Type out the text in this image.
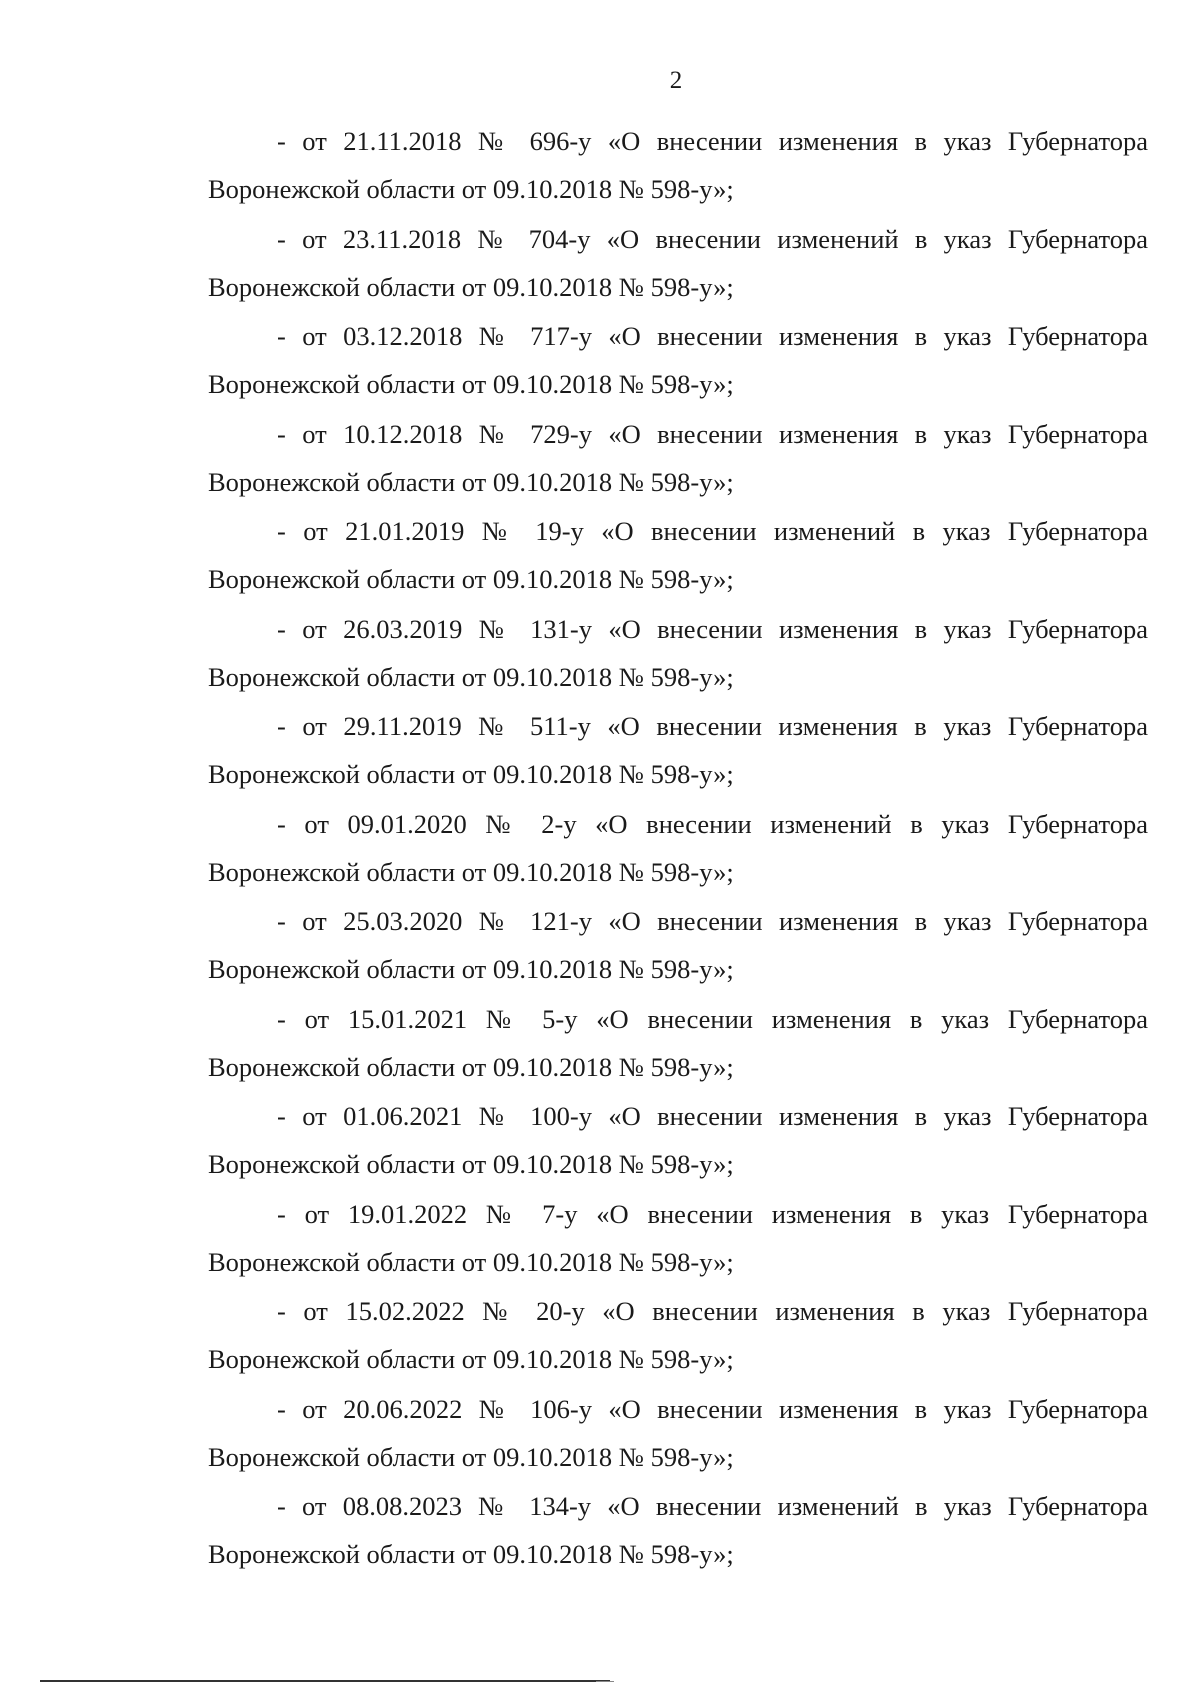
2
- от 21.11.2018 № 696-у «О внесении изменения в указ Губернатора
Воронежской области от 09.10.2018 № 598-у»;
- от 23.11.2018 № 704-у «О внесении изменений в указ Губернатора
Воронежской области от 09.10.2018 № 598-у»;
- от 03.12.2018 № 717-у «О внесении изменения в указ Губернатора
Воронежской области от 09.10.2018 № 598-у»;
- от 10.12.2018 № 729-у «О внесении изменения в указ Губернатора
Воронежской области от 09.10.2018 № 598-у»;
- от 21.01.2019 № 19-у «О внесении изменений в указ Губернатора
Воронежской области от 09.10.2018 № 598-у»;
- от 26.03.2019 № 131-у «О внесении изменения в указ Губернатора
Воронежской области от 09.10.2018 № 598-у»;
- от 29.11.2019 № 511-у «О внесении изменения в указ Губернатора
Воронежской области от 09.10.2018 № 598-у»;
- от 09.01.2020 № 2-у «О внесении изменений в указ Губернатора
Воронежской области от 09.10.2018 № 598-у»;
- от 25.03.2020 № 121-у «О внесении изменения в указ Губернатора
Воронежской области от 09.10.2018 № 598-у»;
- от 15.01.2021 № 5-у «О внесении изменения в указ Губернатора
Воронежской области от 09.10.2018 № 598-у»;
- от 01.06.2021 № 100-у «О внесении изменения в указ Губернатора
Воронежской области от 09.10.2018 № 598-у»;
- от 19.01.2022 № 7-у «О внесении изменения в указ Губернатора
Воронежской области от 09.10.2018 № 598-у»;
- от 15.02.2022 № 20-у «О внесении изменения в указ Губернатора
Воронежской области от 09.10.2018 № 598-у»;
- от 20.06.2022 № 106-у «О внесении изменения в указ Губернатора
Воронежской области от 09.10.2018 № 598-у»;
- от 08.08.2023 № 134-у «О внесении изменений в указ Губернатора
Воронежской области от 09.10.2018 № 598-у»;
